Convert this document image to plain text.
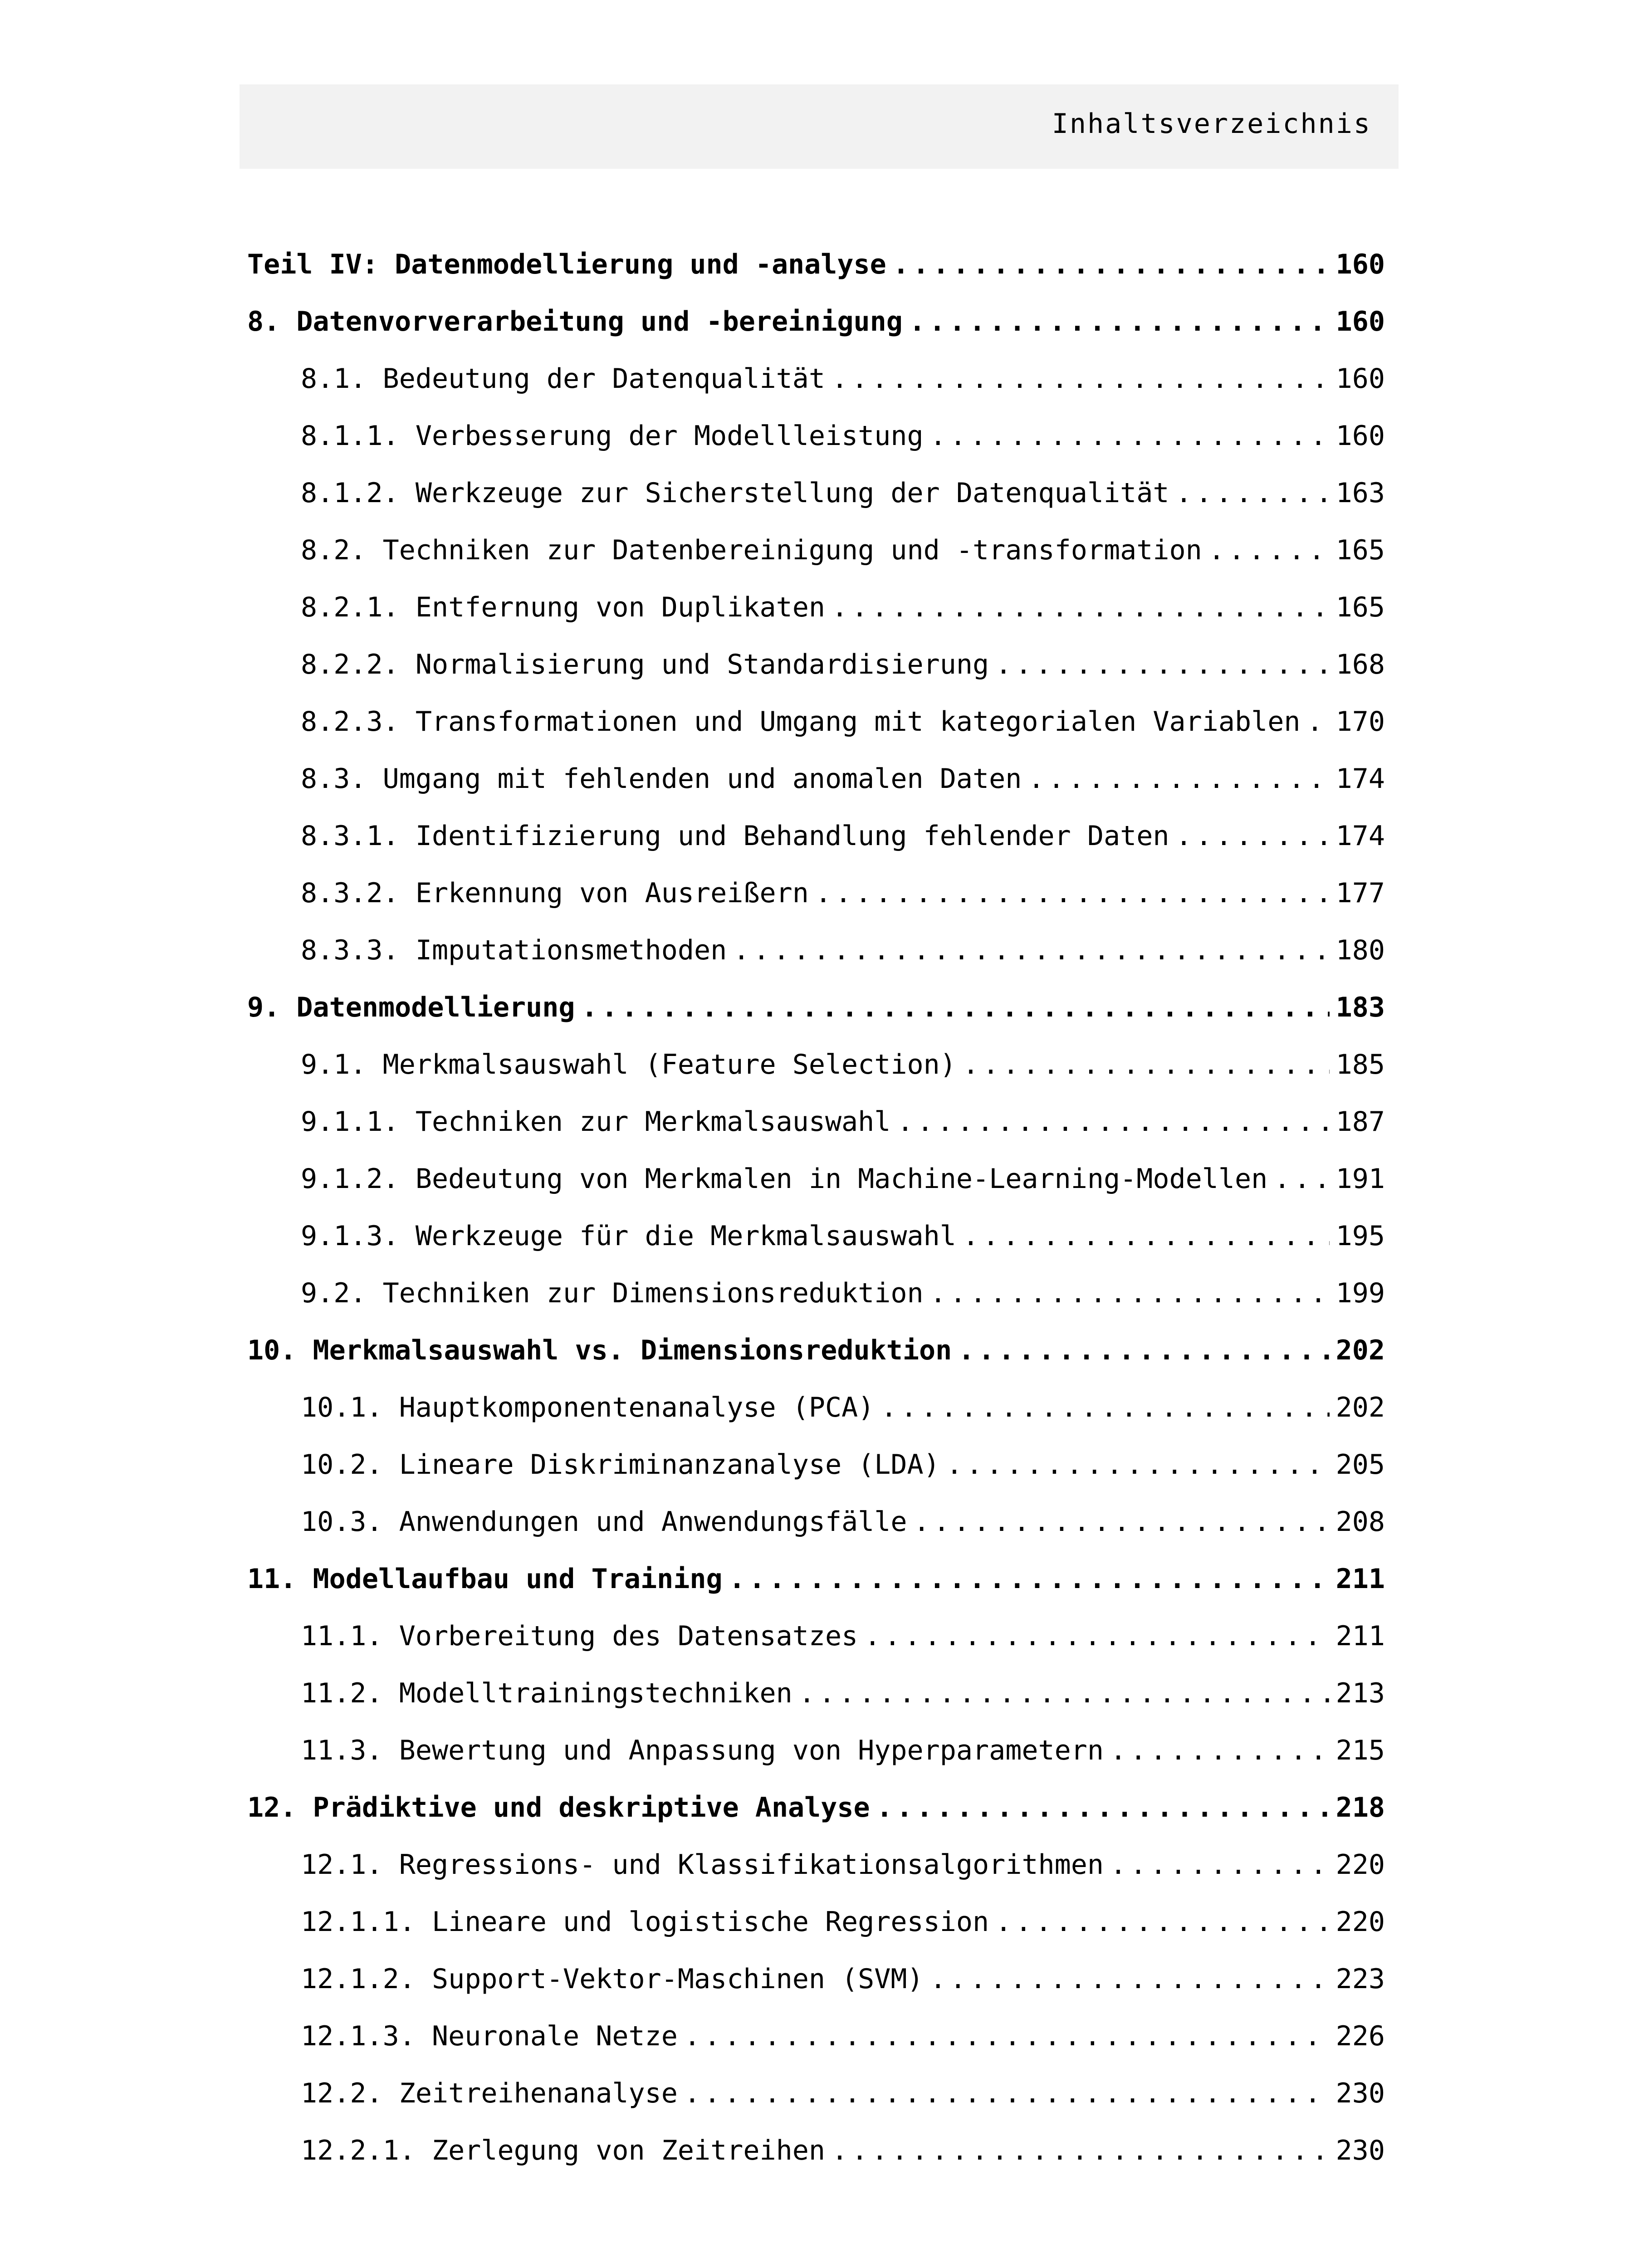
Inhaltsverzeichnis
Teil IV: Datenmodellierung und -analyse .....	160
8. Datenvorverarbeitung und -bereinigung .....	160
8.1. Bedeutung der Datenqualität .....	160
8.1.1. Verbesserung der Modellleistung .....	160
8.1.2. Werkzeuge zur Sicherstellung der Datenqualität .....	163
8.2. Techniken zur Datenbereinigung und -transformation .....	165
8.2.1. Entfernung von Duplikaten .....	165
8.2.2. Normalisierung und Standardisierung .....	168
8.2.3. Transformationen und Umgang mit kategorialen Variablen ..... 170
8.3. Umgang mit fehlenden und anomalen Daten .....	174
8.3.1. Identifizierung und Behandlung fehlender Daten .....	174
8.3.2. Erkennung von Ausreißern .....	177
8.3.3. Imputationsmethoden .....	180
9. Datenmodellierung .....	183
9.1. Merkmalsauswahl (Feature Selection) .....	185
9.1.1. Techniken zur Merkmalsauswahl .....	187
9.1.2. Bedeutung von Merkmalen in Machine-Learning-Modellen .....	191
9.1.3. Werkzeuge für die Merkmalsauswahl .....	195
9.2. Techniken zur Dimensionsreduktion .....	199
10. Merkmalsauswahl vs. Dimensionsreduktion .....	202
10.1. Hauptkomponentenanalyse (PCA) .....	202
10.2. Lineare Diskriminanzanalyse (LDA) .....	205
10.3. Anwendungen und Anwendungsfälle .....	208
11. Modellaufbau und Training .....	211
11.1. Vorbereitung des Datensatzes .....	211
11.2. Modelltrainingstechniken .....	213
11.3. Bewertung und Anpassung von Hyperparametern .....	215
12. Prädiktive und deskriptive Analyse .....	218
12.1. Regressions- und Klassifikationsalgorithmen .....	220
12.1.1. Lineare und logistische Regression .....	220
12.1.2. Support-Vektor-Maschinen (SVM) .....	223
12.1.3. Neuronale Netze .....	226
12.2. Zeitreihenanalyse .....	230
12.2.1. Zerlegung von Zeitreihen .....	230
